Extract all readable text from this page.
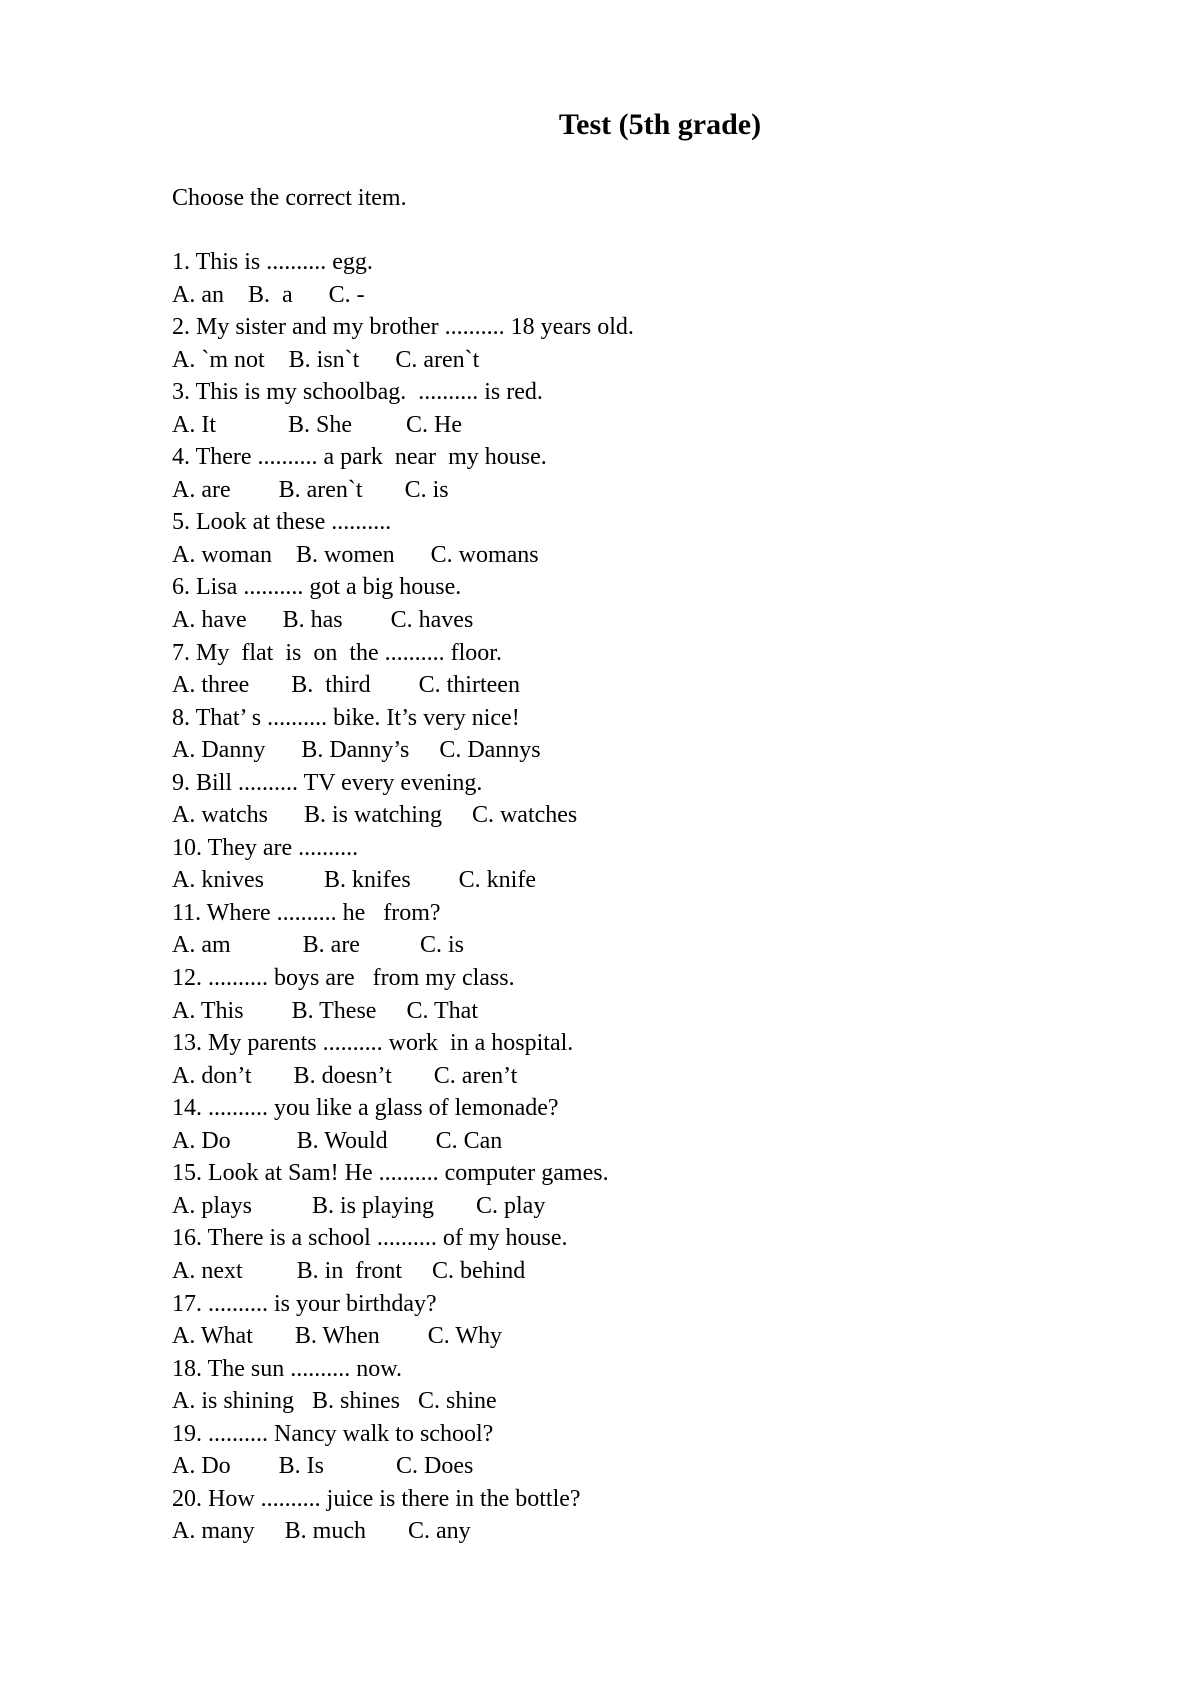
Test (5th grade)

Choose the correct item.

1. This is .......... egg.
A. an    B.  a      C. -
2. My sister and my brother .......... 18 years old.
A. `m not    B. isn`t      C. aren`t
3. This is my schoolbag.  .......... is red.
A. It            B. She         C. He
4. There .......... a park  near  my house.
A. are        B. aren`t       C. is
5. Look at these ..........
A. woman    B. women      C. womans
6. Lisa .......... got a big house.
A. have      B. has        C. haves
7. My  flat  is  on  the .......... floor.
A. three       B.  third        C. thirteen
8. That’ s .......... bike. It’s very nice!
A. Danny      B. Danny’s     C. Dannys
9. Bill .......... TV every evening.
A. watchs      B. is watching     C. watches
10. They are ..........
A. knives          B. knifes        C. knife
11. Where .......... he   from?
A. am            B. are          C. is
12. .......... boys are   from my class.
A. This        B. These     C. That
13. My parents .......... work  in a hospital.
A. don’t       B. doesn’t       C. aren’t
14. .......... you like a glass of lemonade?
A. Do           B. Would        C. Can
15. Look at Sam! He .......... computer games.
A. plays          B. is playing       C. play
16. There is a school .......... of my house.
A. next         B. in  front     C. behind
17. .......... is your birthday?
A. What       B. When        C. Why
18. The sun .......... now.
A. is shining   B. shines   C. shine
19. .......... Nancy walk to school?
A. Do        B. Is            C. Does
20. How .......... juice is there in the bottle?
A. many     B. much       C. any
